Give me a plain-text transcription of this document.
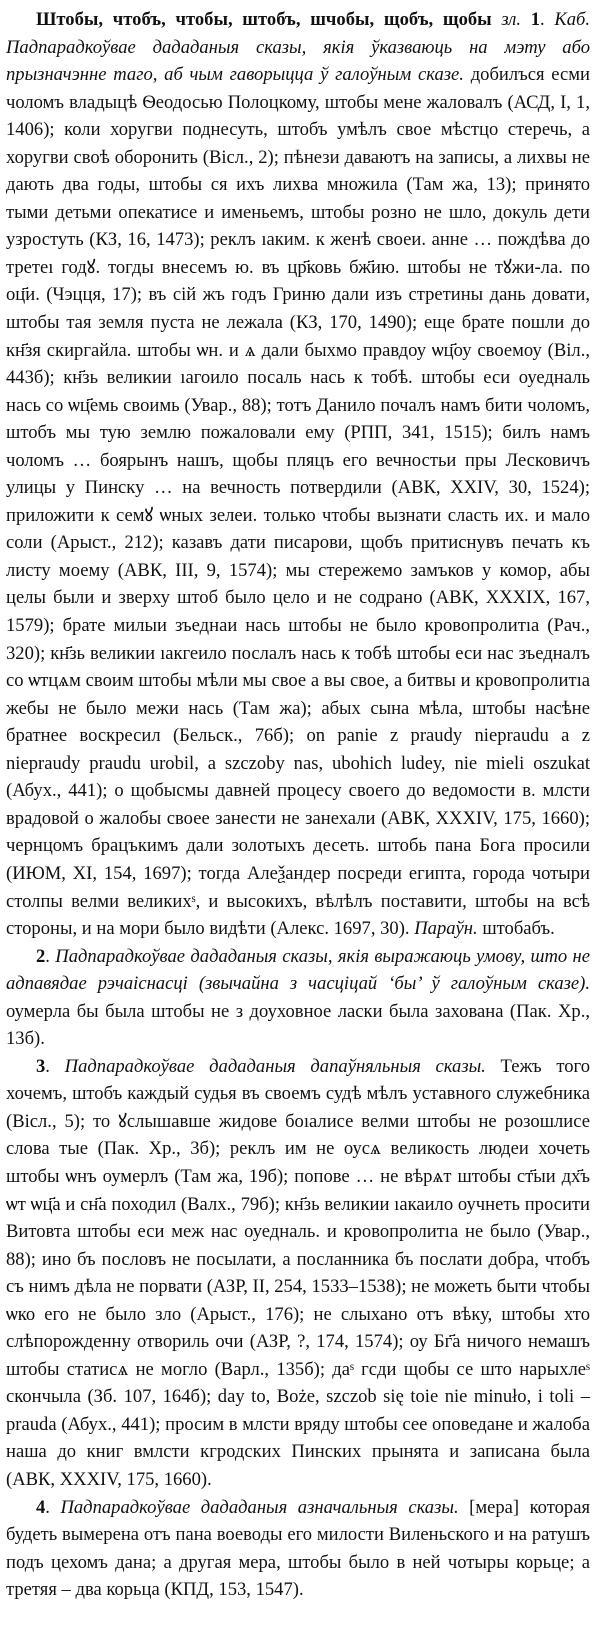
Штобы, чтобъ, чтобы, штобъ, шчобы, щобъ, щобы зл. 1. Каб. Падпарадкоўвае дададаныя сказы, якія ўказваюць на мэту або прызначэнне таго, аб чым гаворыцца ў галоўным сказе. добилъся есми чоломъ владыцѣ Ѳеодосью Полоцкому, штобы мене жаловалъ (АСД, I, 1, 1406); коли хоругви поднесуть, штобъ умѣлъ свое мѣстцо стеречь, а хоругви своѣ оборонить (Вісл., 2); пѣнези даваютъ на записы, а лихвы не дають два годы, штобы ся ихъ лихва множила (Там жа, 13); принято тыми детьми опекатисе и именьемъ, штобы розно не шло, докуль дети узростуть (КЗ, 16, 1473); реклъ ıаким. к женѣ своеи. анне … пождѣва до третеı годꙋ. тогды внесемъ ю. въ цр҃ковь бж҃ию. штобы не тꙋжи-ла. по оц҃и. (Чэцця, 17); въ сій жъ годъ Гриню дали изъ стретины дань довати, штобы тая земля пуста не лежала (КЗ, 170, 1490); еще брате пошли до кн҃зя скиргайла. штобы ѡн. и ѧ дали быхмо правдоу ѡц҃оу своемоу (Віл., 443б); кн҃зь великии ıагоило посаль нась к тобѣ. штобы еси оуедналь нась со ѡц҃емь своимь (Увар., 88); тотъ Данило почалъ намъ бити чоломъ, штобъ мы тую землю пожаловали ему (РПП, 341, 1515); билъ намъ чоломъ … боярынъ нашъ, щобы пляцъ его вечностьи пры Лесковичъ улицы у Пинску … на вечность потвердили (АВК, XXIV, 30, 1524); приложити к семꙋ ѡных зелеи. только чтобы вызнати сласть их. и мало соли (Арыст., 212); казавъ дати писарови, щобъ притиснувъ печать къ листу моему (АВК, III, 9, 1574); мы стережемо замъков у комор, абы целы были и зверху штоб было цело и не содрано (АВК, XXXIX, 167, 1579); брате милыи зъеднаи нась штобы не было кровопролитıа (Рач., 320); кн҃зь великии ıакгеило послалъ нась к тобѣ штобы еси нас зъедналъ со ѡтцѧм своим штобы мѣли мы свое а вы свое, а битвы и кровопролитıа жебы не было межи нась (Там жа); абых сына мѣла, штобы насѣне братнее воскресил (Бельск., 76б); on panie z praudy niepraudu a z niepraudy praudu urobil, a szczoby nas, ubohich ludey, nie mieli oszukat (Абух., 441); о щобысмы давней процесу своего до ведомости в. млсти врадовой о жалобы своее занести не занехали (АВК, XXXIV, 175, 1660); чернцомъ брацъкимъ дали золотыхъ десеть. штобь пана Бога просили (ИЮМ, XI, 154, 1697); тогда Алеѯандер посреди египта, города чотыри столпы велми великихˢ, и высокихъ, вѣлѣлъ поставити, штобы на всѣ стороны, и на мори было видѣти (Алекс. 1697, 30). Параўн. штобабъ.

2. Падпарадкоўвае дададаныя сказы, якія выражаюць умову, што не адпавядае рэчаіснасці (звычайна з часціцай ‘бы’ ў галоўным сказе). оумерла бы была штобы не з доуховное ласки была захована (Пак. Хр., 13б).

3. Падпарадкоўвае дададаныя дапаўняльныя сказы. Тежъ того хочемъ, штобъ каждый судья въ своемъ судѣ мѣлъ уставного служебника (Вісл., 5); то ꙋслышавше жидове боıалисе велми штобы не розошлисе слова тые (Пак. Хр., 3б); реклъ им не оусѧ великость людеи хочеть штобы ѡнъ оумерлъ (Там жа, 19б); попове … не вѣрѧт штобы ст҃ыи дх҃ъ ѡт ѡц҃а и сн҃а походил (Валх., 79б); кн҃зь великии ıакаило оучнеть просити Витовта штобы еси меж нас оуедналь. и кровопролитıа не было (Увар., 88); ино бъ пословъ не посылати, а посланника бъ послати добра, чтобъ съ нимъ дѣла не порвати (АЗР, II, 254, 1533–1538); не можеть быти чтобы ѡко его не было зло (Арыст., 176); не слыхано отъ вѣку, штобы хто слѣпорожденну отвориль очи (АЗР, ?, 174, 1574); оу Бг҃а ничого немашъ штобы статисѧ не могло (Варл., 135б); даˢ гсди щобы се што нарыхлеˢ скончыла (Зб. 107, 164б); day to, Boże, szczob się toie nie minuło, i toli – prauda (Абух., 441); просим в млсти вряду штобы сее оповедане и жалоба наша до книг вмлсти кгродских Пинских прынята и записана была (АВК, XXXIV, 175, 1660).

4. Падпарадкоўвае дададаныя азначальныя сказы. [мера] которая будеть вымерена отъ пана воеводы его милости Виленьского и на ратушъ подъ цехомъ дана; а другая мера, штобы было в ней чотыры корьце; а третяя – два корьца (КПД, 153, 1547).
